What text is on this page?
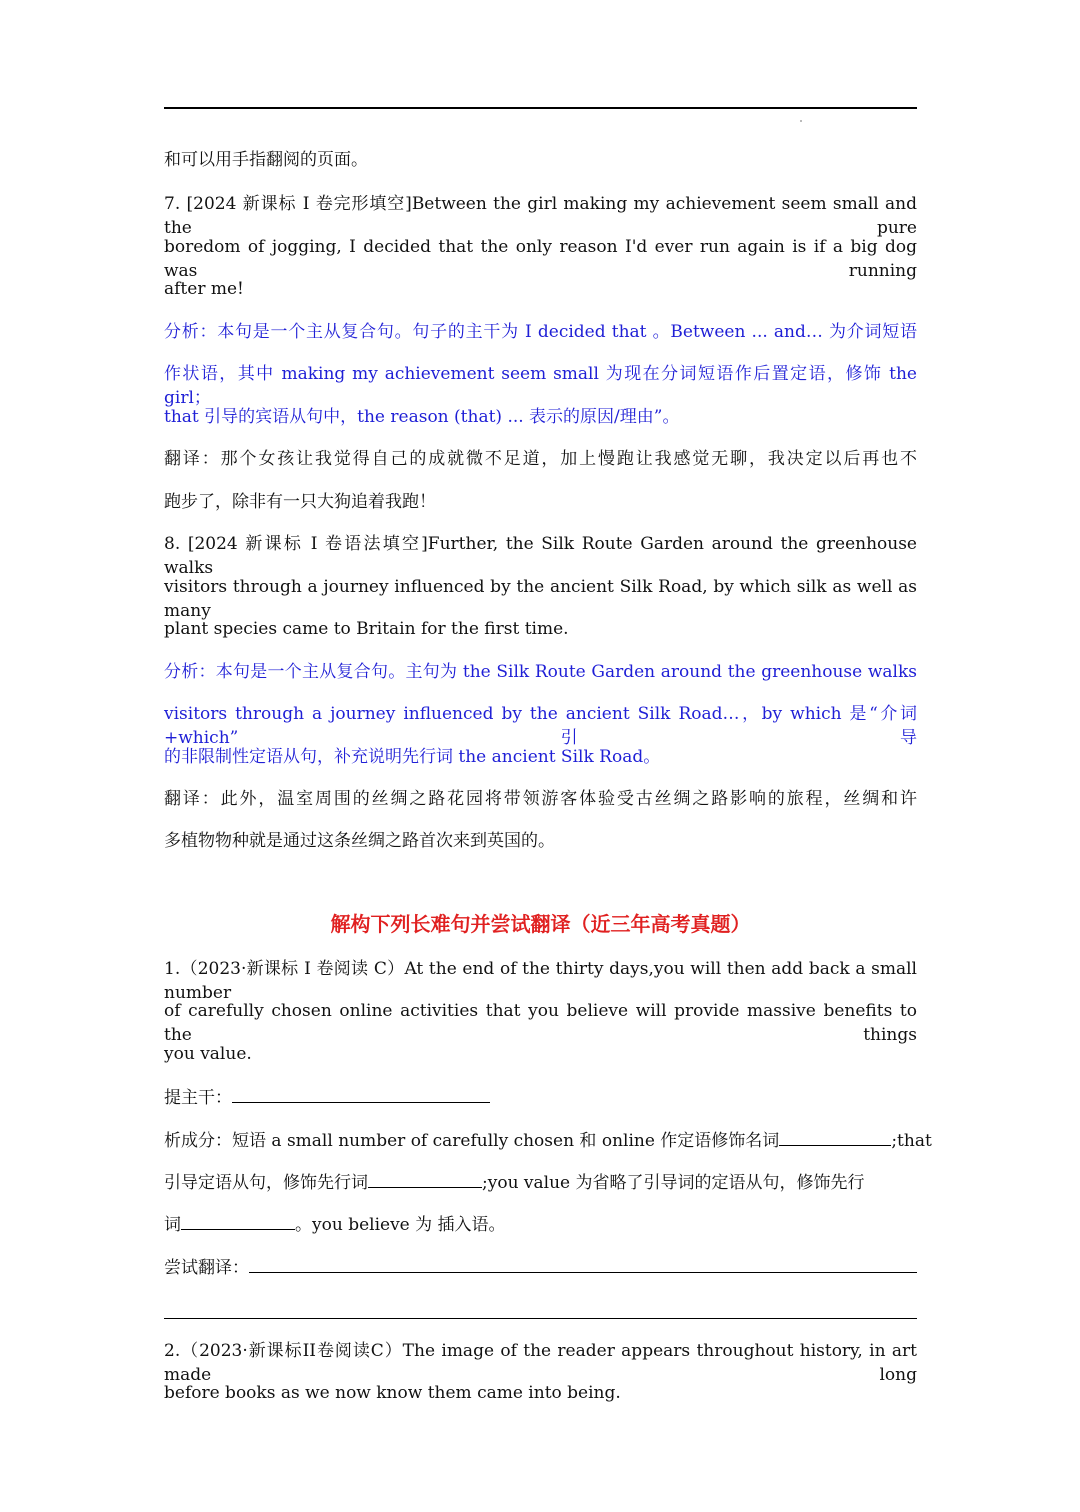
和可以用手指翻阅的页面。
7. [2024 新课标 I 卷完形填空]Between the girl making my achievement seem small and the pure
boredom of jogging, I decided that the only reason I'd ever run again is if a big dog was running
after me!
分析：本句是一个主从复合句。句子的主干为 I decided that 。Between ... and… 为介词短语
作状语，其中 making my achievement seem small 为现在分词短语作后置定语，修饰 the girl；
that 引导的宾语从句中，the reason (that) ... 表示的原因/理由”。
翻译：那个女孩让我觉得自己的成就微不足道，加上慢跑让我感觉无聊，我决定以后再也不
跑步了，除非有一只大狗追着我跑！
8. [2024 新课标 I 卷语法填空]Further, the Silk Route Garden around the greenhouse walks
visitors through a journey influenced by the ancient Silk Road, by which silk as well as many
plant species came to Britain for the first time.
分析：本句是一个主从复合句。主句为 the Silk Route Garden around the greenhouse walks
visitors through a journey influenced by the ancient Silk Road…，by which 是“介词+which”引导
的非限制性定语从句，补充说明先行词 the ancient Silk Road。
翻译：此外，温室周围的丝绸之路花园将带领游客体验受古丝绸之路影响的旅程，丝绸和许
多植物物种就是通过这条丝绸之路首次来到英国的。
解构下列长难句并尝试翻译（近三年高考真题）
1.（2023·新课标 I 卷阅读 C）At the end of the thirty days,you will then add back a small number
of carefully chosen online activities that you believe will provide massive benefits to the things
you value.
提主干：
析成分：短语 a small number of carefully chosen 和 online 作定语修饰名词	;that
引导定语从句，修饰先行词	;you value 为省略了引导词的定语从句，修饰先行
词	。you believe 为 插入语。
尝试翻译：
2.（2023·新课标II卷阅读C）The image of the reader appears throughout history, in art made long
before books as we now know them came into being.
